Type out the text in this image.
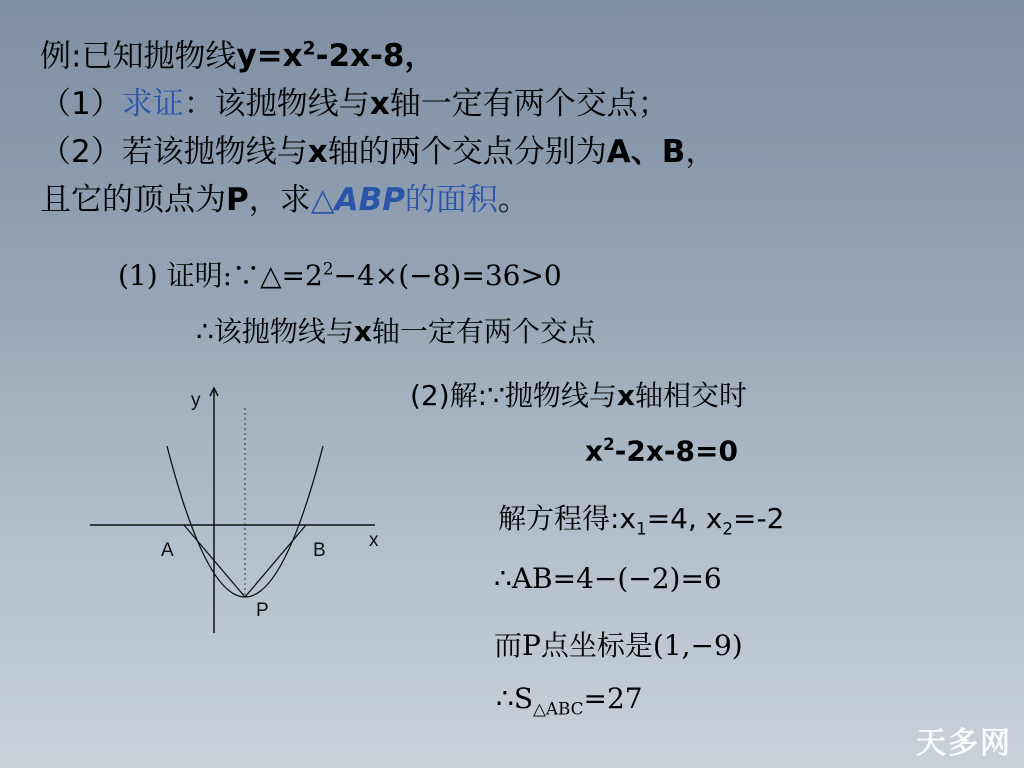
例:已知抛物线$y=x^2-2x-8$，
（1）求证：该抛物线与x轴一定有两个交点；
（2）若该抛物线与x轴的两个交点分别为A、B，
且它的顶点为P，求△ABP的面积。
(1) 证明$:\because\triangle=2^2-4\times(-8)=36>0$
∴该抛物线与x轴一定有两个交点
(2)解:∵抛物线与x轴相交时
$x^2-2x-8=0$
解方程得$:x_1=4$, $x_2=-2$
∴AB=4−(−2)=6
而P点坐标是(1,−9)
$\therefore S_{\triangle ABC}=27$
y
x
A	B
P
天多网
